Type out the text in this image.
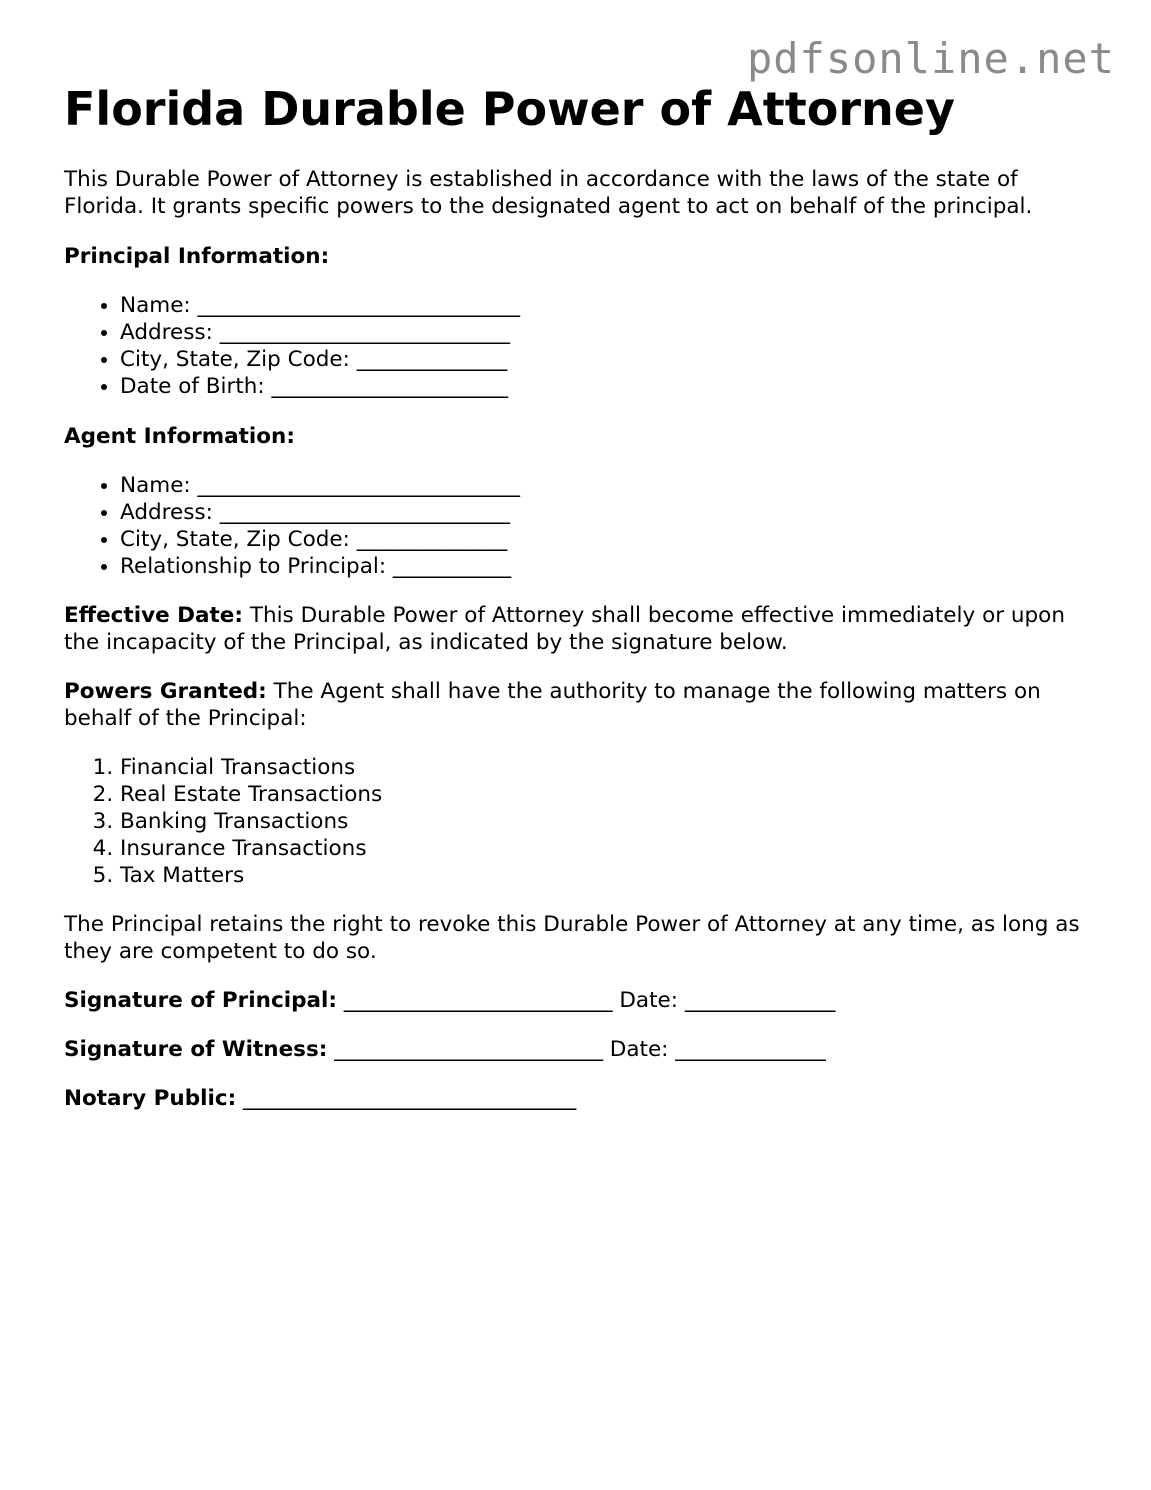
pdfsonline.net
Florida Durable Power of Attorney

This Durable Power of Attorney is established in accordance with the laws of the state of Florida. It grants specific powers to the designated agent to act on behalf of the principal.

Principal Information:

• Name: ______________________________
• Address: ___________________________
• City, State, Zip Code: ______________
• Date of Birth: ______________________

Agent Information:

• Name: ______________________________
• Address: ___________________________
• City, State, Zip Code: ______________
• Relationship to Principal: ___________

Effective Date: This Durable Power of Attorney shall become effective immediately or upon the incapacity of the Principal, as indicated by the signature below.

Powers Granted: The Agent shall have the authority to manage the following matters on behalf of the Principal:

1. Financial Transactions
2. Real Estate Transactions
3. Banking Transactions
4. Insurance Transactions
5. Tax Matters

The Principal retains the right to revoke this Durable Power of Attorney at any time, as long as they are competent to do so.

Signature of Principal: _________________________ Date: ______________

Signature of Witness: _________________________ Date: ______________

Notary Public: _______________________________
